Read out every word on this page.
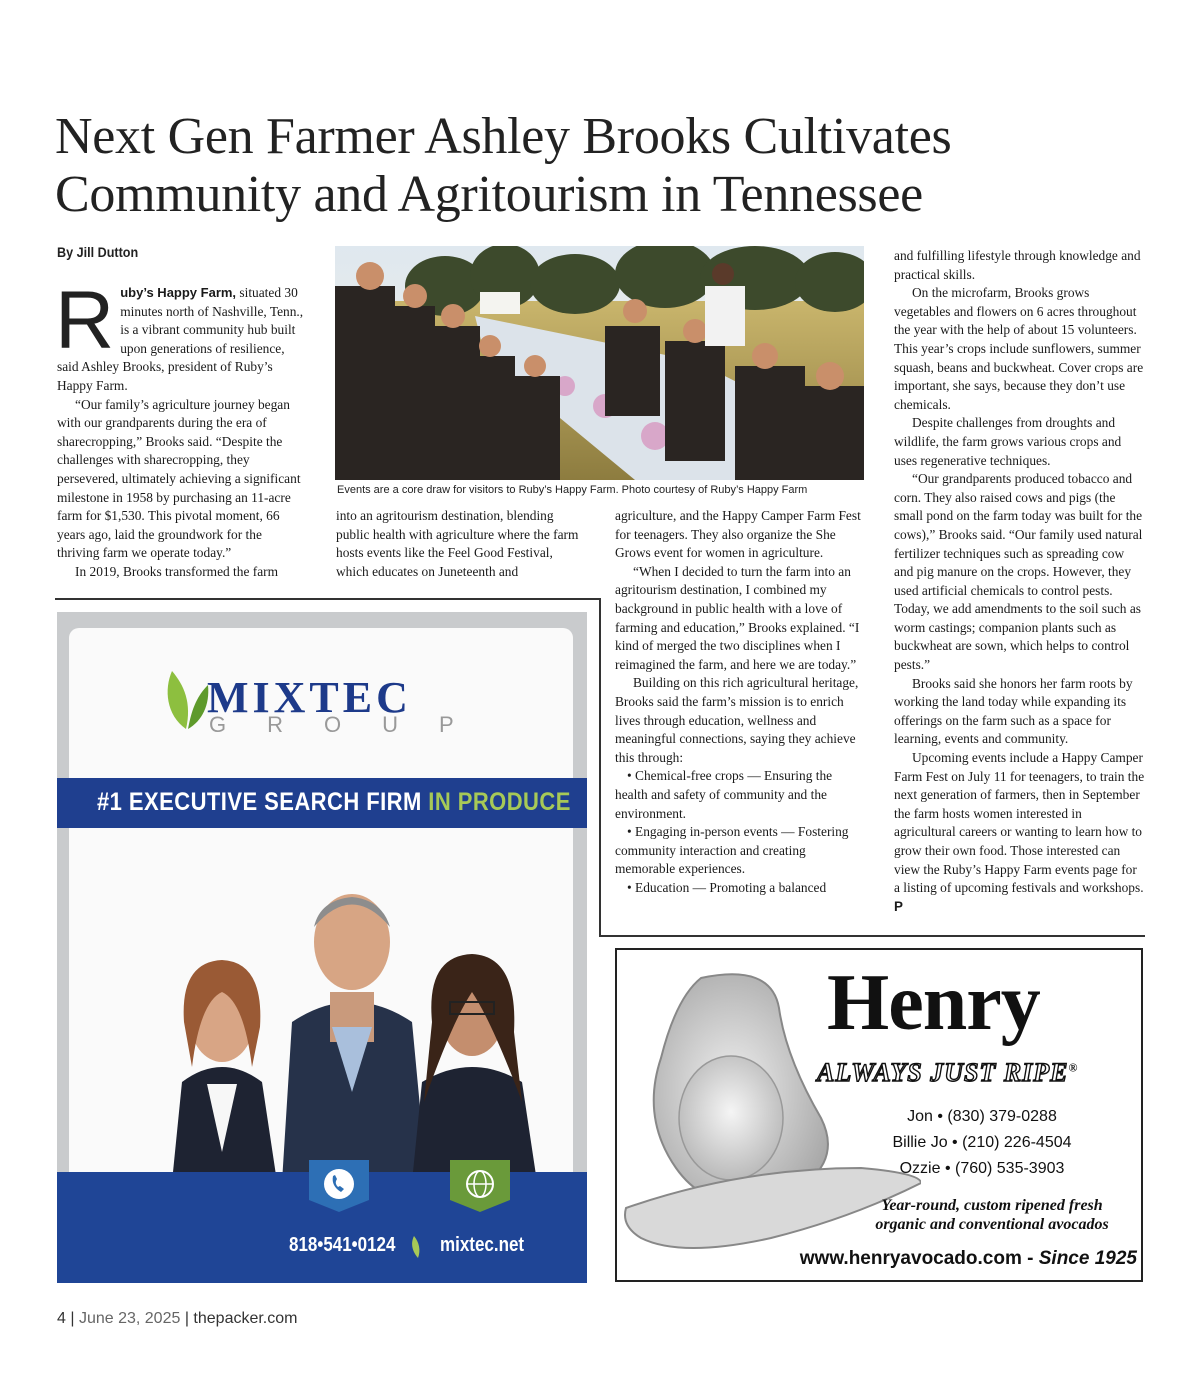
Next Gen Farmer Ashley Brooks Cultivates
Community and Agritourism in Tennessee
By Jill Dutton

Ruby’s Happy Farm, situated 30 minutes north of Nashville, Tenn., is a vibrant community hub built upon generations of resilience, said Ashley Brooks, president of Ruby’s Happy Farm.

“Our family’s agriculture journey began with our grandparents during the era of sharecropping,” Brooks said. “Despite the challenges with sharecropping, they persevered, ultimately achieving a significant milestone in 1958 by purchasing an 11-acre farm for $1,530. This pivotal moment, 66 years ago, laid the groundwork for the thriving farm we operate today.”

In 2019, Brooks transformed the farm

Events are a core draw for visitors to Ruby’s Happy Farm. Photo courtesy of Ruby’s Happy Farm

into an agritourism destination, blending public health with agriculture where the farm hosts events like the Feel Good Festival, which educates on Juneteenth and

agriculture, and the Happy Camper Farm Fest for teenagers. They also organize the She Grows event for women in agriculture.

“When I decided to turn the farm into an agritourism destination, I combined my background in public health with a love of farming and education,” Brooks explained. “I kind of merged the two disciplines when I reimagined the farm, and here we are today.”

Building on this rich agricultural heritage, Brooks said the farm’s mission is to enrich lives through education, wellness and meaningful connections, saying they achieve this through:

• Chemical-free crops — Ensuring the health and safety of community and the environment.

• Engaging in-person events — Fostering community interaction and creating memorable experiences.

• Education — Promoting a balanced

and fulfilling lifestyle through knowledge and practical skills.

On the microfarm, Brooks grows vegetables and flowers on 6 acres throughout the year with the help of about 15 volunteers. This year’s crops include sunflowers, summer squash, beans and buckwheat. Cover crops are important, she says, because they don’t use chemicals.

Despite challenges from droughts and wildlife, the farm grows various crops and uses regenerative techniques.

“Our grandparents produced tobacco and corn. They also raised cows and pigs (the small pond on the farm today was built for the cows),” Brooks said. “Our family used natural fertilizer techniques such as spreading cow and pig manure on the crops. However, they used artificial chemicals to control pests. Today, we add amendments to the soil such as worm castings; companion plants such as buckwheat are sown, which helps to control pests.”

Brooks said she honors her farm roots by working the land today while expanding its offerings on the farm such as a space for learning, events and community.

Upcoming events include a Happy Camper Farm Fest on July 11 for teenagers, to train the next generation of farmers, then in September the farm hosts women interested in agricultural careers or wanting to learn how to grow their own food. Those interested can view the Ruby’s Happy Farm events page for a listing of upcoming festivals and workshops. P

MIXTEC
GROUP
#1 EXECUTIVE SEARCH FIRM IN PRODUCE
818•541•0124 mixtec.net
Henry
ALWAYS JUST RIPE®
Jon • (830) 379-0288
Billie Jo • (210) 226-4504
Ozzie • (760) 535-3903
Year-round, custom ripened fresh
organic and conventional avocados
www.henryavocado.com - Since 1925
4 | June 23, 2025 | thepacker.com
